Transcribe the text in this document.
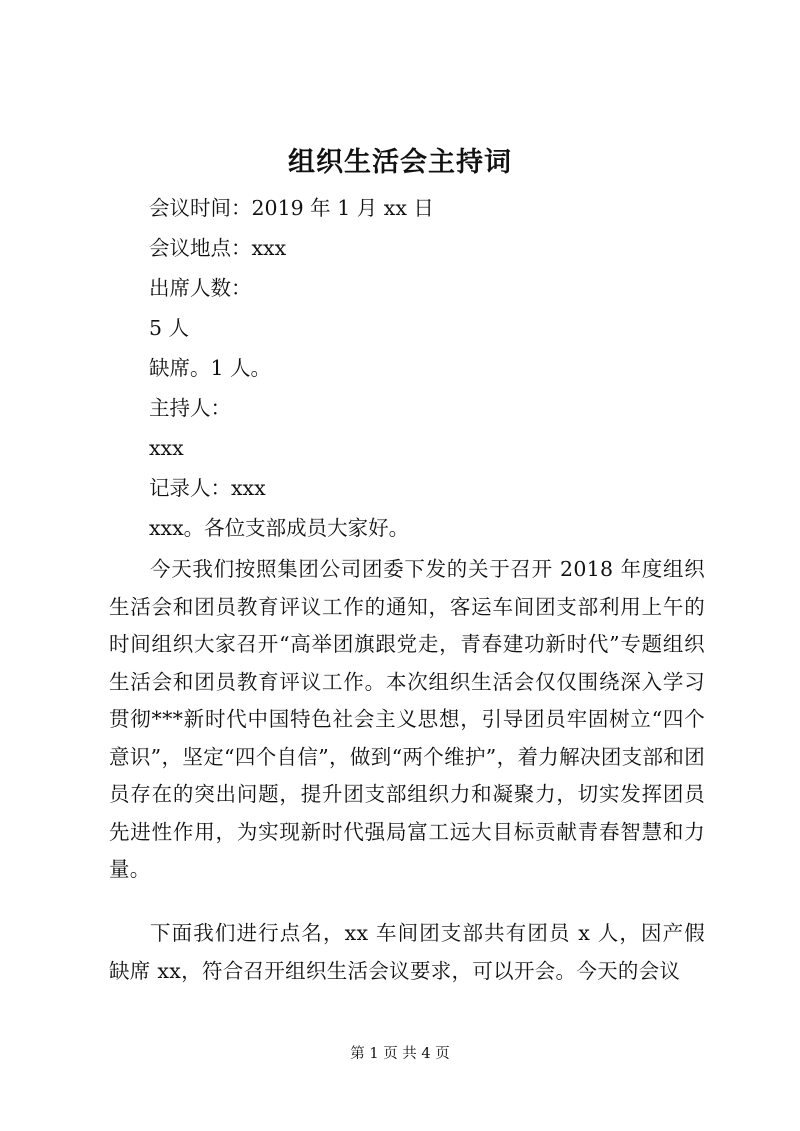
组织生活会主持词
会议时间：2019 年 1 月 xx 日
会议地点：xxx
出席人数：
5 人
缺席。1 人。
主持人：
xxx
记录人：xxx
xxx。各位支部成员大家好。
今天我们按照集团公司团委下发的关于召开 2018 年度组织生活会和团员教育评议工作的通知，客运车间团支部利用上午的时间组织大家召开“高举团旗跟党走，青春建功新时代”专题组织生活会和团员教育评议工作。本次组织生活会仅仅围绕深入学习贯彻***新时代中国特色社会主义思想，引导团员牢固树立“四个意识”，坚定“四个自信”，做到“两个维护”，着力解决团支部和团员存在的突出问题，提升团支部组织力和凝聚力，切实发挥团员先进性作用，为实现新时代强局富工远大目标贡献青春智慧和力量。
下面我们进行点名，xx 车间团支部共有团员 x 人，因产假缺席 xx，符合召开组织生活会议要求，可以开会。今天的会议
第 1 页 共 4 页
